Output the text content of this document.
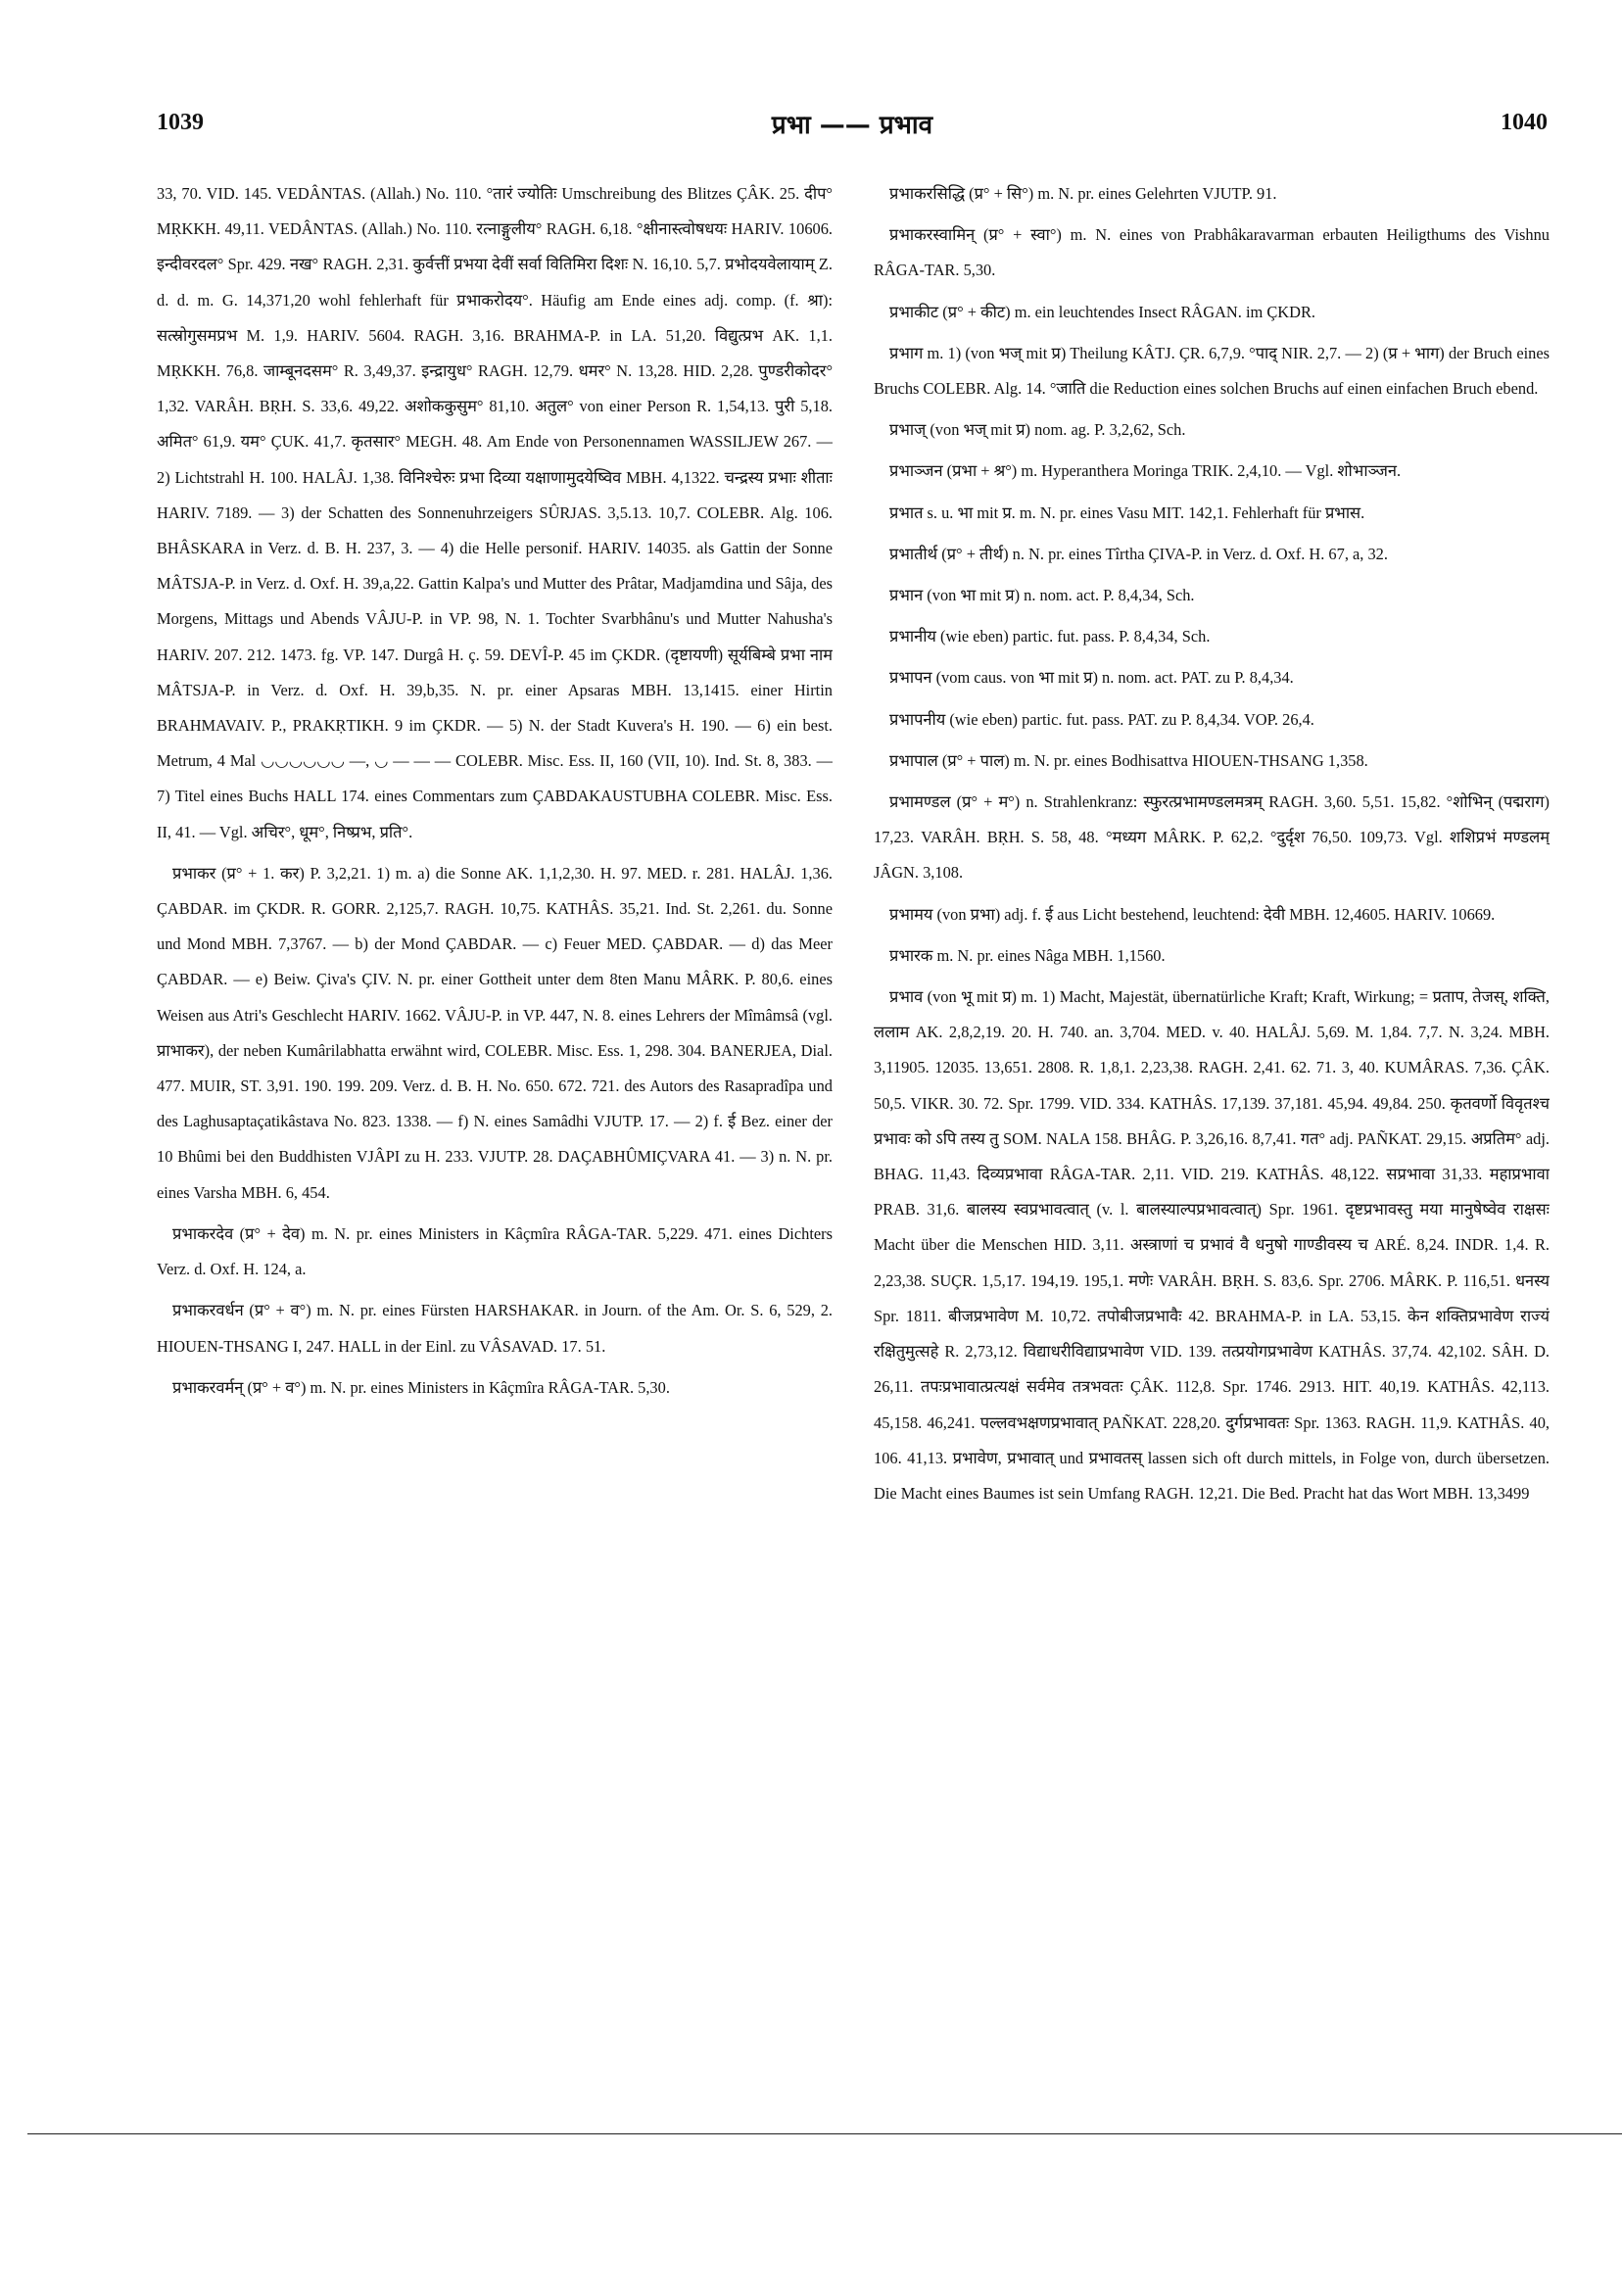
1039	प्रभा —— प्रभाव	1040

33, 70. VID. 145. VEDÂNTAS. (Allah.) No. 110. °तारं ज्योतिः Umschreibung des Blitzes ÇÂK. 25. दीप° MṚKKH. 49,11. VEDÂNTAS. (Allah.) No. 110. रत्नाङ्गुलीय° RAGH. 6,18. °क्षीनास्त्वोषधयः HARIV. 10606. इन्दीवरदल° Spr. 429. नख° RAGH. 2,31. कुर्वत्तीं प्रभया देवीं सर्वा वितिमिरा दिशः N. 16,10. 5,7. प्रभोदयवेलायाम् Z. d. d. m. G. 14,371,20 wohl fehlerhaft für प्रभाकरोदय°. Häufig am Ende eines adj. comp. (f. श्रा): सत्स्रोगुसमप्रभ M. 1,9. HARIV. 5604. RAGH. 3,16. BRAHMA-P. in LA. 51,20. विद्युत्प्रभ AK. 1,1. MṚKKH. 76,8. जाम्बूनदसम° R. 3,49,37. इन्द्रायुध° RAGH. 12,79. धमर° N. 13,28. HID. 2,28. पुण्डरीकोदर° 1,32. VARÂH. BṚH. S. 33,6. 49,22. अशोककुसुम° 81,10. अतुल° von einer Person R. 1,54,13. पुरी 5,18. अमित° 61,9. यम° ÇUK. 41,7. कृतसार° MEGH. 48. Am Ende von Personennamen WASSILJEW 267. — 2) Lichtstrahl H. 100. HALÂJ. 1,38. विनिश्चेरुः प्रभा दिव्या यक्षाणामुदयेष्विव MBH. 4,1322. चन्द्रस्य प्रभाः शीताः HARIV. 7189. — 3) der Schatten des Sonnenuhrzeigers SÛRJAS. 3,5.13. 10,7. COLEBR. Alg. 106. BHÂSKARA in Verz. d. B. H. 237, 3. — 4) die Helle personif. HARIV. 14035. als Gattin der Sonne MÂTSJA-P. in Verz. d. Oxf. H. 39,a,22. Gattin Kalpa's und Mutter des Prâtar, Madjamdina und Sâja, des Morgens, Mittags und Abends VÂJU-P. in VP. 98, N. 1. Tochter Svarbhânu's und Mutter Nahusha's HARIV. 207. 212. 1473. fg. VP. 147. Durgâ H. ç. 59. DEVÎ-P. 45 im ÇKDR. (दृष्टायणी) सूर्यबिम्बे प्रभा नाम MÂTSJA-P. in Verz. d. Oxf. H. 39,b,35. N. pr. einer Apsaras MBH. 13,1415. einer Hirtin BRAHMAVAIV. P., PRAKṚTIKH. 9 im ÇKDR. — 5) N. der Stadt Kuvera's H. 190. — 6) ein best. Metrum, 4 Mal ◡◡◡◡◡◡ —, ◡ — — — COLEBR. Misc. Ess. II, 160 (VII, 10). Ind. St. 8, 383. — 7) Titel eines Buchs HALL 174. eines Commentars zum ÇABDAKAUSTUBHA COLEBR. Misc. Ess. II, 41. — Vgl. अचिर°, धूम°, निष्प्रभ, प्रति°.

प्रभाकर (प्र° + 1. कर) P. 3,2,21. 1) m. a) die Sonne AK. 1,1,2,30. H. 97. MED. r. 281. HALÂJ. 1,36. ÇABDAR. im ÇKDR. R. GORR. 2,125,7. RAGH. 10,75. KATHÂS. 35,21. Ind. St. 2,261. du. Sonne und Mond MBH. 7,3767. — b) der Mond ÇABDAR. — c) Feuer MED. ÇABDAR. — d) das Meer ÇABDAR. — e) Beiw. Çiva's ÇIV. N. pr. einer Gottheit unter dem 8ten Manu MÂRK. P. 80,6. eines Weisen aus Atri's Geschlecht HARIV. 1662. VÂJU-P. in VP. 447, N. 8. eines Lehrers der Mîmâmsâ (vgl. प्राभाकर), der neben Kumârilabhatta erwähnt wird, COLEBR. Misc. Ess. 1, 298. 304. BANERJEA, Dial. 477. MUIR, ST. 3,91. 190. 199. 209. Verz. d. B. H. No. 650. 672. 721. des Autors des Rasapradîpa und des Laghusaptaçatikâstava No. 823. 1338. — f) N. eines Samâdhi VJUTP. 17. — 2) f. ई Bez. einer der 10 Bhûmi bei den Buddhisten VJÂPI zu H. 233. VJUTP. 28. DAÇABHÛMIÇVARA 41. — 3) n. N. pr. eines Varsha MBH. 6, 454.

प्रभाकरदेव (प्र° + देव) m. N. pr. eines Ministers in Kâçmîra RÂGA-TAR. 5,229. 471. eines Dichters Verz. d. Oxf. H. 124, a.

प्रभाकरवर्धन (प्र° + व°) m. N. pr. eines Fürsten HARSHAKAR. in Journ. of the Am. Or. S. 6, 529, 2. HIOUEN-THSANG I, 247. HALL in der Einl. zu VÂSAVAD. 17. 51.

प्रभाकरवर्मन् (प्र° + व°) m. N. pr. eines Ministers in Kâçmîra RÂGA-TAR. 5,30.

प्रभाकरसिद्धि (प्र° + सि°) m. N. pr. eines Gelehrten VJUTP. 91.

प्रभाकरस्वामिन् (प्र° + स्वा°) m. N. eines von Prabhâkaravarman erbauten Heiligthums des Vishnu RÂGA-TAR. 5,30.

प्रभाकीट (प्र° + कीट) m. ein leuchtendes Insect RÂGAN. im ÇKDR.

प्रभाग m. 1) (von भज् mit प्र) Theilung KÂTJ. ÇR. 6,7,9. °पाद् NIR. 2,7. — 2) (प्र + भाग) der Bruch eines Bruchs COLEBR. Alg. 14. °जाति die Reduction eines solchen Bruchs auf einen einfachen Bruch ebend.

प्रभाज् (von भज् mit प्र) nom. ag. P. 3,2,62, Sch.

प्रभाञ्जन (प्रभा + श्र°) m. Hyperanthera Moringa TRIK. 2,4,10. — Vgl. शोभाञ्जन.

प्रभात s. u. भा mit प्र. m. N. pr. eines Vasu MIT. 142,1. Fehlerhaft für प्रभास.

प्रभातीर्थ (प्र° + तीर्थ) n. N. pr. eines Tîrtha ÇIVA-P. in Verz. d. Oxf. H. 67, a, 32.

प्रभान (von भा mit प्र) n. nom. act. P. 8,4,34, Sch.

प्रभानीय (wie eben) partic. fut. pass. P. 8,4,34, Sch.

प्रभापन (vom caus. von भा mit प्र) n. nom. act. PAT. zu P. 8,4,34.

प्रभापनीय (wie eben) partic. fut. pass. PAT. zu P. 8,4,34. VOP. 26,4.

प्रभापाल (प्र° + पाल) m. N. pr. eines Bodhisattva HIOUEN-THSANG 1,358.

प्रभामण्डल (प्र° + म°) n. Strahlenkranz: स्फुरत्प्रभामण्डलमत्रम् RAGH. 3,60. 5,51. 15,82. °शोभिन् (पद्मराग) 17,23. VARÂH. BṚH. S. 58, 48. °मध्यग MÂRK. P. 62,2. °दुर्दृश 76,50. 109,73. Vgl. शशिप्रभं मण्डलम् JÂGN. 3,108.

प्रभामय (von प्रभा) adj. f. ई aus Licht bestehend, leuchtend: देवी MBH. 12,4605. HARIV. 10669.

प्रभारक m. N. pr. eines Nâga MBH. 1,1560.

प्रभाव (von भू mit प्र) m. 1) Macht, Majestät, übernatürliche Kraft; Kraft, Wirkung; = प्रताप, तेजस्, शक्ति, ललाम AK. 2,8,2,19. 20. H. 740. an. 3,704. MED. v. 40. HALÂJ. 5,69. M. 1,84. 7,7. N. 3,24. MBH. 3,11905. 12035. 13,651. 2808. R. 1,8,1. 2,23,38. RAGH. 2,41. 62. 71. 3, 40. KUMÂRAS. 7,36. ÇÂK. 50,5. VIKR. 30. 72. Spr. 1799. VID. 334. KATHÂS. 17,139. 37,181. 45,94. 49,84. 250. कृतवर्णो विवृतश्च प्रभावः को ऽपि तस्य तु SOM. NALA 158. BHÂG. P. 3,26,16. 8,7,41. गत° adj. PAÑKAT. 29,15. अप्रतिम° adj. BHAG. 11,43. दिव्यप्रभावा RÂGA-TAR. 2,11. VID. 219. KATHÂS. 48,122. सप्रभावा 31,33. महाप्रभावा PRAB. 31,6. बालस्य स्वप्रभावत्वात् (v. l. बालस्याल्पप्रभावत्वात्) Spr. 1961. दृष्टप्रभावस्तु मया मानुषेष्वेव राक्षसः Macht über die Menschen HID. 3,11. अस्त्राणां च प्रभावं वै धनुषो गाण्डीवस्य च ARÉ. 8,24. INDR. 1,4. R. 2,23,38. SUÇR. 1,5,17. 194,19. 195,1. मणेः VARÂH. BṚH. S. 83,6. Spr. 2706. MÂRK. P. 116,51. धनस्य Spr. 1811. बीजप्रभावेण M. 10,72. तपोबीजप्रभावैः 42. BRAHMA-P. in LA. 53,15. केन शक्तिप्रभावेण राज्यं रक्षितुमुत्सहे R. 2,73,12. विद्याधरीविद्याप्रभावेण VID. 139. तत्प्रयोगप्रभावेण KATHÂS. 37,74. 42,102. SÂH. D. 26,11. तपःप्रभावात्प्रत्यक्षं सर्वमेव तत्रभवतः ÇÂK. 112,8. Spr. 1746. 2913. HIT. 40,19. KATHÂS. 42,113. 45,158. 46,241. पल्लवभक्षणप्रभावात् PAÑKAT. 228,20. दुर्गप्रभावतः Spr. 1363. RAGH. 11,9. KATHÂS. 40, 106. 41,13. प्रभावेण, प्रभावात् und प्रभावतस् lassen sich oft durch mittels, in Folge von, durch übersetzen. Die Macht eines Baumes ist sein Umfang RAGH. 12,21. Die Bed. Pracht hat das Wort MBH. 13,3499
